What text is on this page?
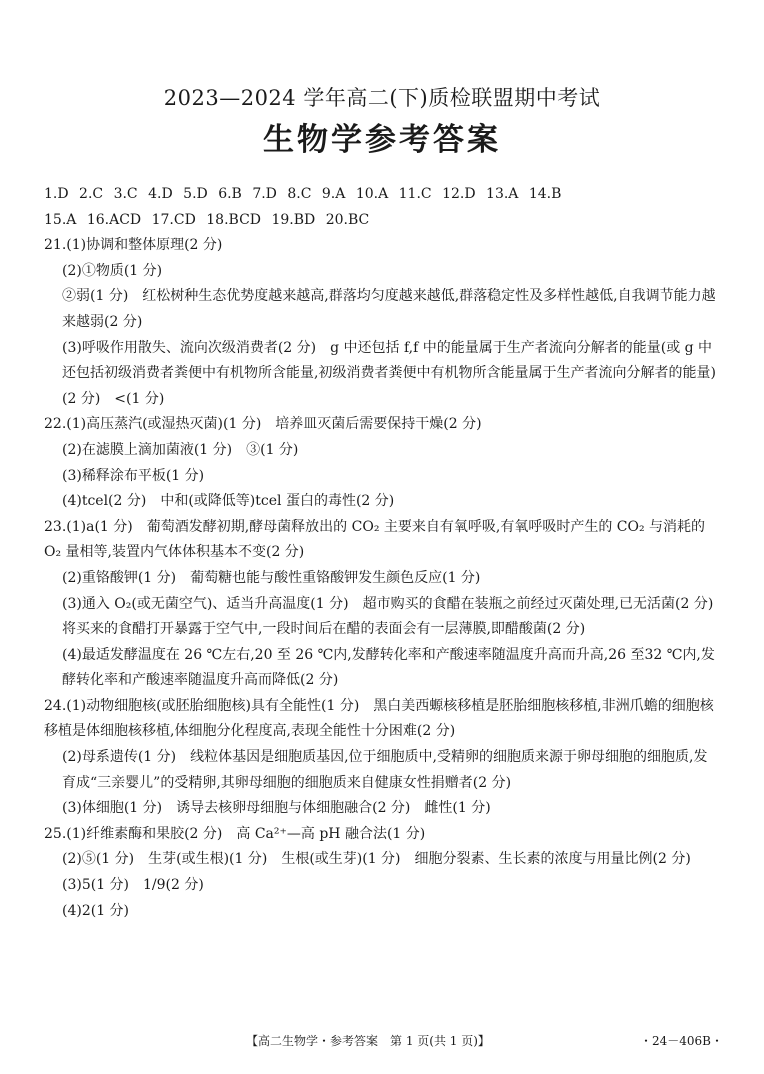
2023—2024 学年高二(下)质检联盟期中考试
生物学参考答案
1.D 2.C 3.C 4.D 5.D 6.B 7.D 8.C 9.A 10.A 11.C 12.D 13.A 14.B
15.A 16.ACD 17.CD 18.BCD 19.BD 20.BC
21.(1)协调和整体原理(2 分)
(2)①物质(1 分)
②弱(1 分)　红松树种生态优势度越来越高,群落均匀度越来越低,群落稳定性及多样性越低,自我调节能力越来越弱(2 分)
(3)呼吸作用散失、流向次级消费者(2 分)　g 中还包括 f,f 中的能量属于生产者流向分解者的能量(或 g 中还包括初级消费者粪便中有机物所含能量,初级消费者粪便中有机物所含能量属于生产者流向分解者的能量)(2 分)　<(1 分)
22.(1)高压蒸汽(或湿热灭菌)(1 分)　培养皿灭菌后需要保持干燥(2 分)
(2)在滤膜上滴加菌液(1 分)　③(1 分)
(3)稀释涂布平板(1 分)
(4)tcel(2 分)　中和(或降低等)tcel 蛋白的毒性(2 分)
23.(1)a(1 分)　葡萄酒发酵初期,酵母菌释放出的 CO₂ 主要来自有氧呼吸,有氧呼吸时产生的 CO₂ 与消耗的 O₂ 量相等,装置内气体体积基本不变(2 分)
(2)重铬酸钾(1 分)　葡萄糖也能与酸性重铬酸钾发生颜色反应(1 分)
(3)通入 O₂(或无菌空气)、适当升高温度(1 分)　超市购买的食醋在装瓶之前经过灭菌处理,已无活菌(2 分)　将买来的食醋打开暴露于空气中,一段时间后在醋的表面会有一层薄膜,即醋酸菌(2 分)
(4)最适发酵温度在 26 ℃左右,20 至 26 ℃内,发酵转化率和产酸速率随温度升高而升高,26 至32 ℃内,发酵转化率和产酸速率随温度升高而降低(2 分)
24.(1)动物细胞核(或胚胎细胞核)具有全能性(1 分)　黑白美西螈核移植是胚胎细胞核移植,非洲爪蟾的细胞核移植是体细胞核移植,体细胞分化程度高,表现全能性十分困难(2 分)
(2)母系遗传(1 分)　线粒体基因是细胞质基因,位于细胞质中,受精卵的细胞质来源于卵母细胞的细胞质,发育成“三亲婴儿”的受精卵,其卵母细胞的细胞质来自健康女性捐赠者(2 分)
(3)体细胞(1 分)　诱导去核卵母细胞与体细胞融合(2 分)　雌性(1 分)
25.(1)纤维素酶和果胶(2 分)　高 Ca²⁺—高 pH 融合法(1 分)
(2)⑤(1 分)　生芽(或生根)(1 分)　生根(或生芽)(1 分)　细胞分裂素、生长素的浓度与用量比例(2 分)
(3)5(1 分)　1/9(2 分)
(4)2(1 分)
【高二生物学・参考答案　第 1 页(共 1 页)】	・24－406B・
